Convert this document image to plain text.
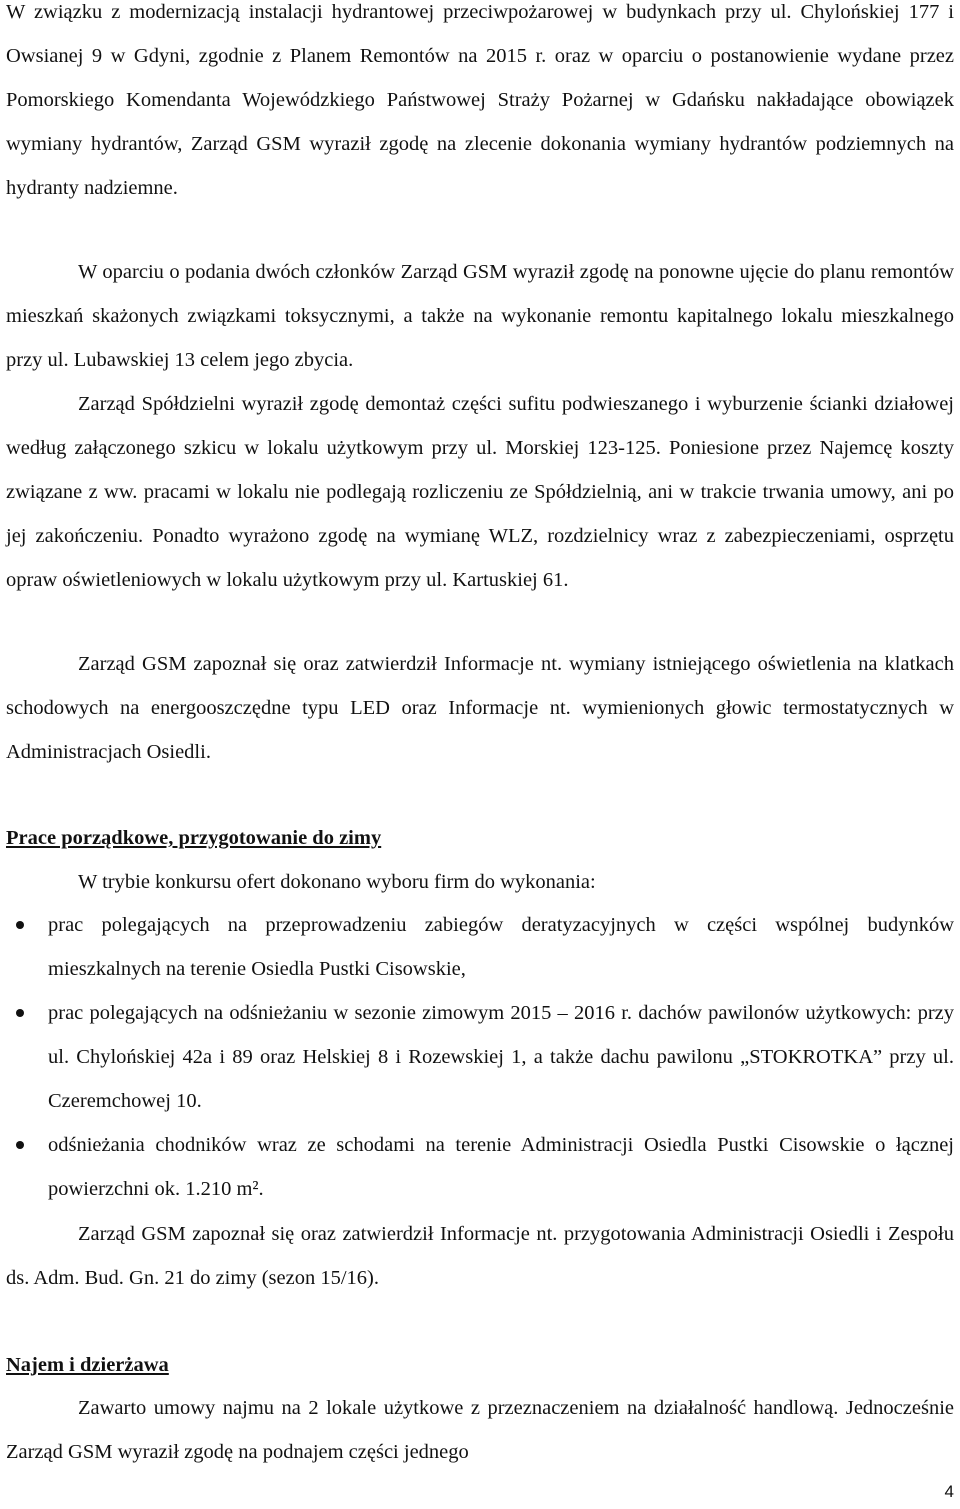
W związku z modernizacją instalacji hydrantowej przeciwpożarowej w budynkach przy ul. Chylońskiej 177 i Owsianej 9 w Gdyni, zgodnie z Planem Remontów na 2015 r. oraz w oparciu o postanowienie wydane przez Pomorskiego Komendanta Wojewódzkiego Państwowej Straży Pożarnej w Gdańsku nakładające obowiązek wymiany hydrantów, Zarząd GSM wyraził zgodę na zlecenie dokonania wymiany hydrantów podziemnych na hydranty nadziemne.

W oparciu o podania dwóch członków Zarząd GSM wyraził zgodę na ponowne ujęcie do planu remontów mieszkań skażonych związkami toksycznymi, a także na wykonanie remontu kapitalnego lokalu mieszkalnego przy ul. Lubawskiej 13 celem jego zbycia.

Zarząd Spółdzielni wyraził zgodę demontaż części sufitu podwieszanego i wyburzenie ścianki działowej według załączonego szkicu w lokalu użytkowym przy ul. Morskiej 123-125. Poniesione przez Najemcę koszty związane z ww. pracami w lokalu nie podlegają rozliczeniu ze Spółdzielnią, ani w trakcie trwania umowy, ani po jej zakończeniu. Ponadto wyrażono zgodę na wymianę WLZ, rozdzielnicy wraz z zabezpieczeniami, osprzętu opraw oświetleniowych w lokalu użytkowym przy ul. Kartuskiej 61.

Zarząd GSM zapoznał się oraz zatwierdził Informacje nt. wymiany istniejącego oświetlenia na klatkach schodowych na energooszczędne typu LED oraz Informacje nt. wymienionych głowic termostatycznych w Administracjach Osiedli.

Prace porządkowe, przygotowanie do zimy

W trybie konkursu ofert dokonano wyboru firm do wykonania:

prac polegających na przeprowadzeniu zabiegów deratyzacyjnych w części wspólnej budynków mieszkalnych na terenie Osiedla Pustki Cisowskie,
prac polegających na odśnieżaniu w sezonie zimowym 2015 – 2016 r. dachów pawilonów użytkowych: przy ul. Chylońskiej 42a i 89 oraz Helskiej 8 i Rozewskiej 1, a także dachu pawilonu „STOKROTKA” przy ul. Czeremchowej 10.
odśnieżania chodników wraz ze schodami na terenie Administracji Osiedla Pustki Cisowskie o łącznej powierzchni ok. 1.210 m².

Zarząd GSM zapoznał się oraz zatwierdził Informacje nt. przygotowania Administracji Osiedli i Zespołu ds. Adm. Bud. Gn. 21 do zimy (sezon 15/16).

Najem i dzierżawa

Zawarto umowy najmu na 2 lokale użytkowe z przeznaczeniem na działalność handlową. Jednocześnie Zarząd GSM wyraził zgodę na podnajem części jednego

4
